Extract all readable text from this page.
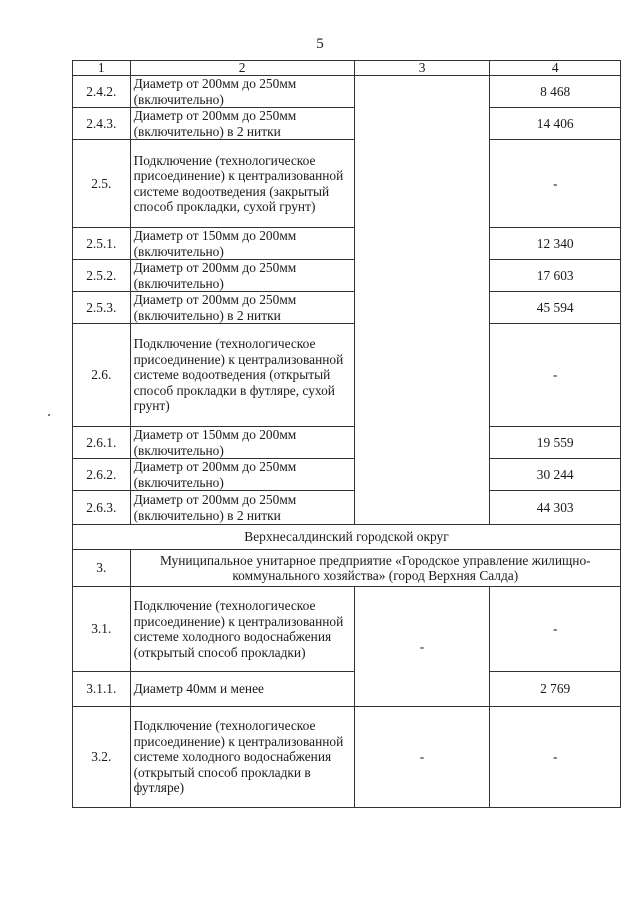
5
1	2	3	4
2.4.2.	Диаметр от 200мм до 250мм (включительно)		8 468
2.4.3.	Диаметр от 200мм до 250мм (включительно) в 2 нитки		14 406
2.5.	Подключение (технологическое присоединение) к централизованной системе водоотведения (закрытый способ прокладки, сухой грунт)		-
2.5.1.	Диаметр от 150мм до 200мм (включительно)		12 340
2.5.2.	Диаметр от 200мм до 250мм (включительно)		17 603
2.5.3.	Диаметр от 200мм до 250мм (включительно) в 2 нитки		45 594
2.6.	Подключение (технологическое присоединение) к централизованной системе водоотведения (открытый способ прокладки в футляре, сухой грунт)		-
2.6.1.	Диаметр от 150мм до 200мм (включительно)		19 559
2.6.2.	Диаметр от 200мм до 250мм (включительно)		30 244
2.6.3.	Диаметр от 200мм до 250мм (включительно) в 2 нитки		44 303
Верхнесалдинский городской округ			
3.	Муниципальное унитарное предприятие «Городское управление жилищно-коммунального хозяйства» (город Верхняя Салда)		
3.1.	Подключение (технологическое присоединение) к централизованной системе холодного водоснабжения (открытый способ прокладки)	-	-
3.1.1.	Диаметр 40мм и менее		2 769
3.2.	Подключение (технологическое присоединение) к централизованной системе холодного водоснабжения (открытый способ прокладки в футляре)	-	-
